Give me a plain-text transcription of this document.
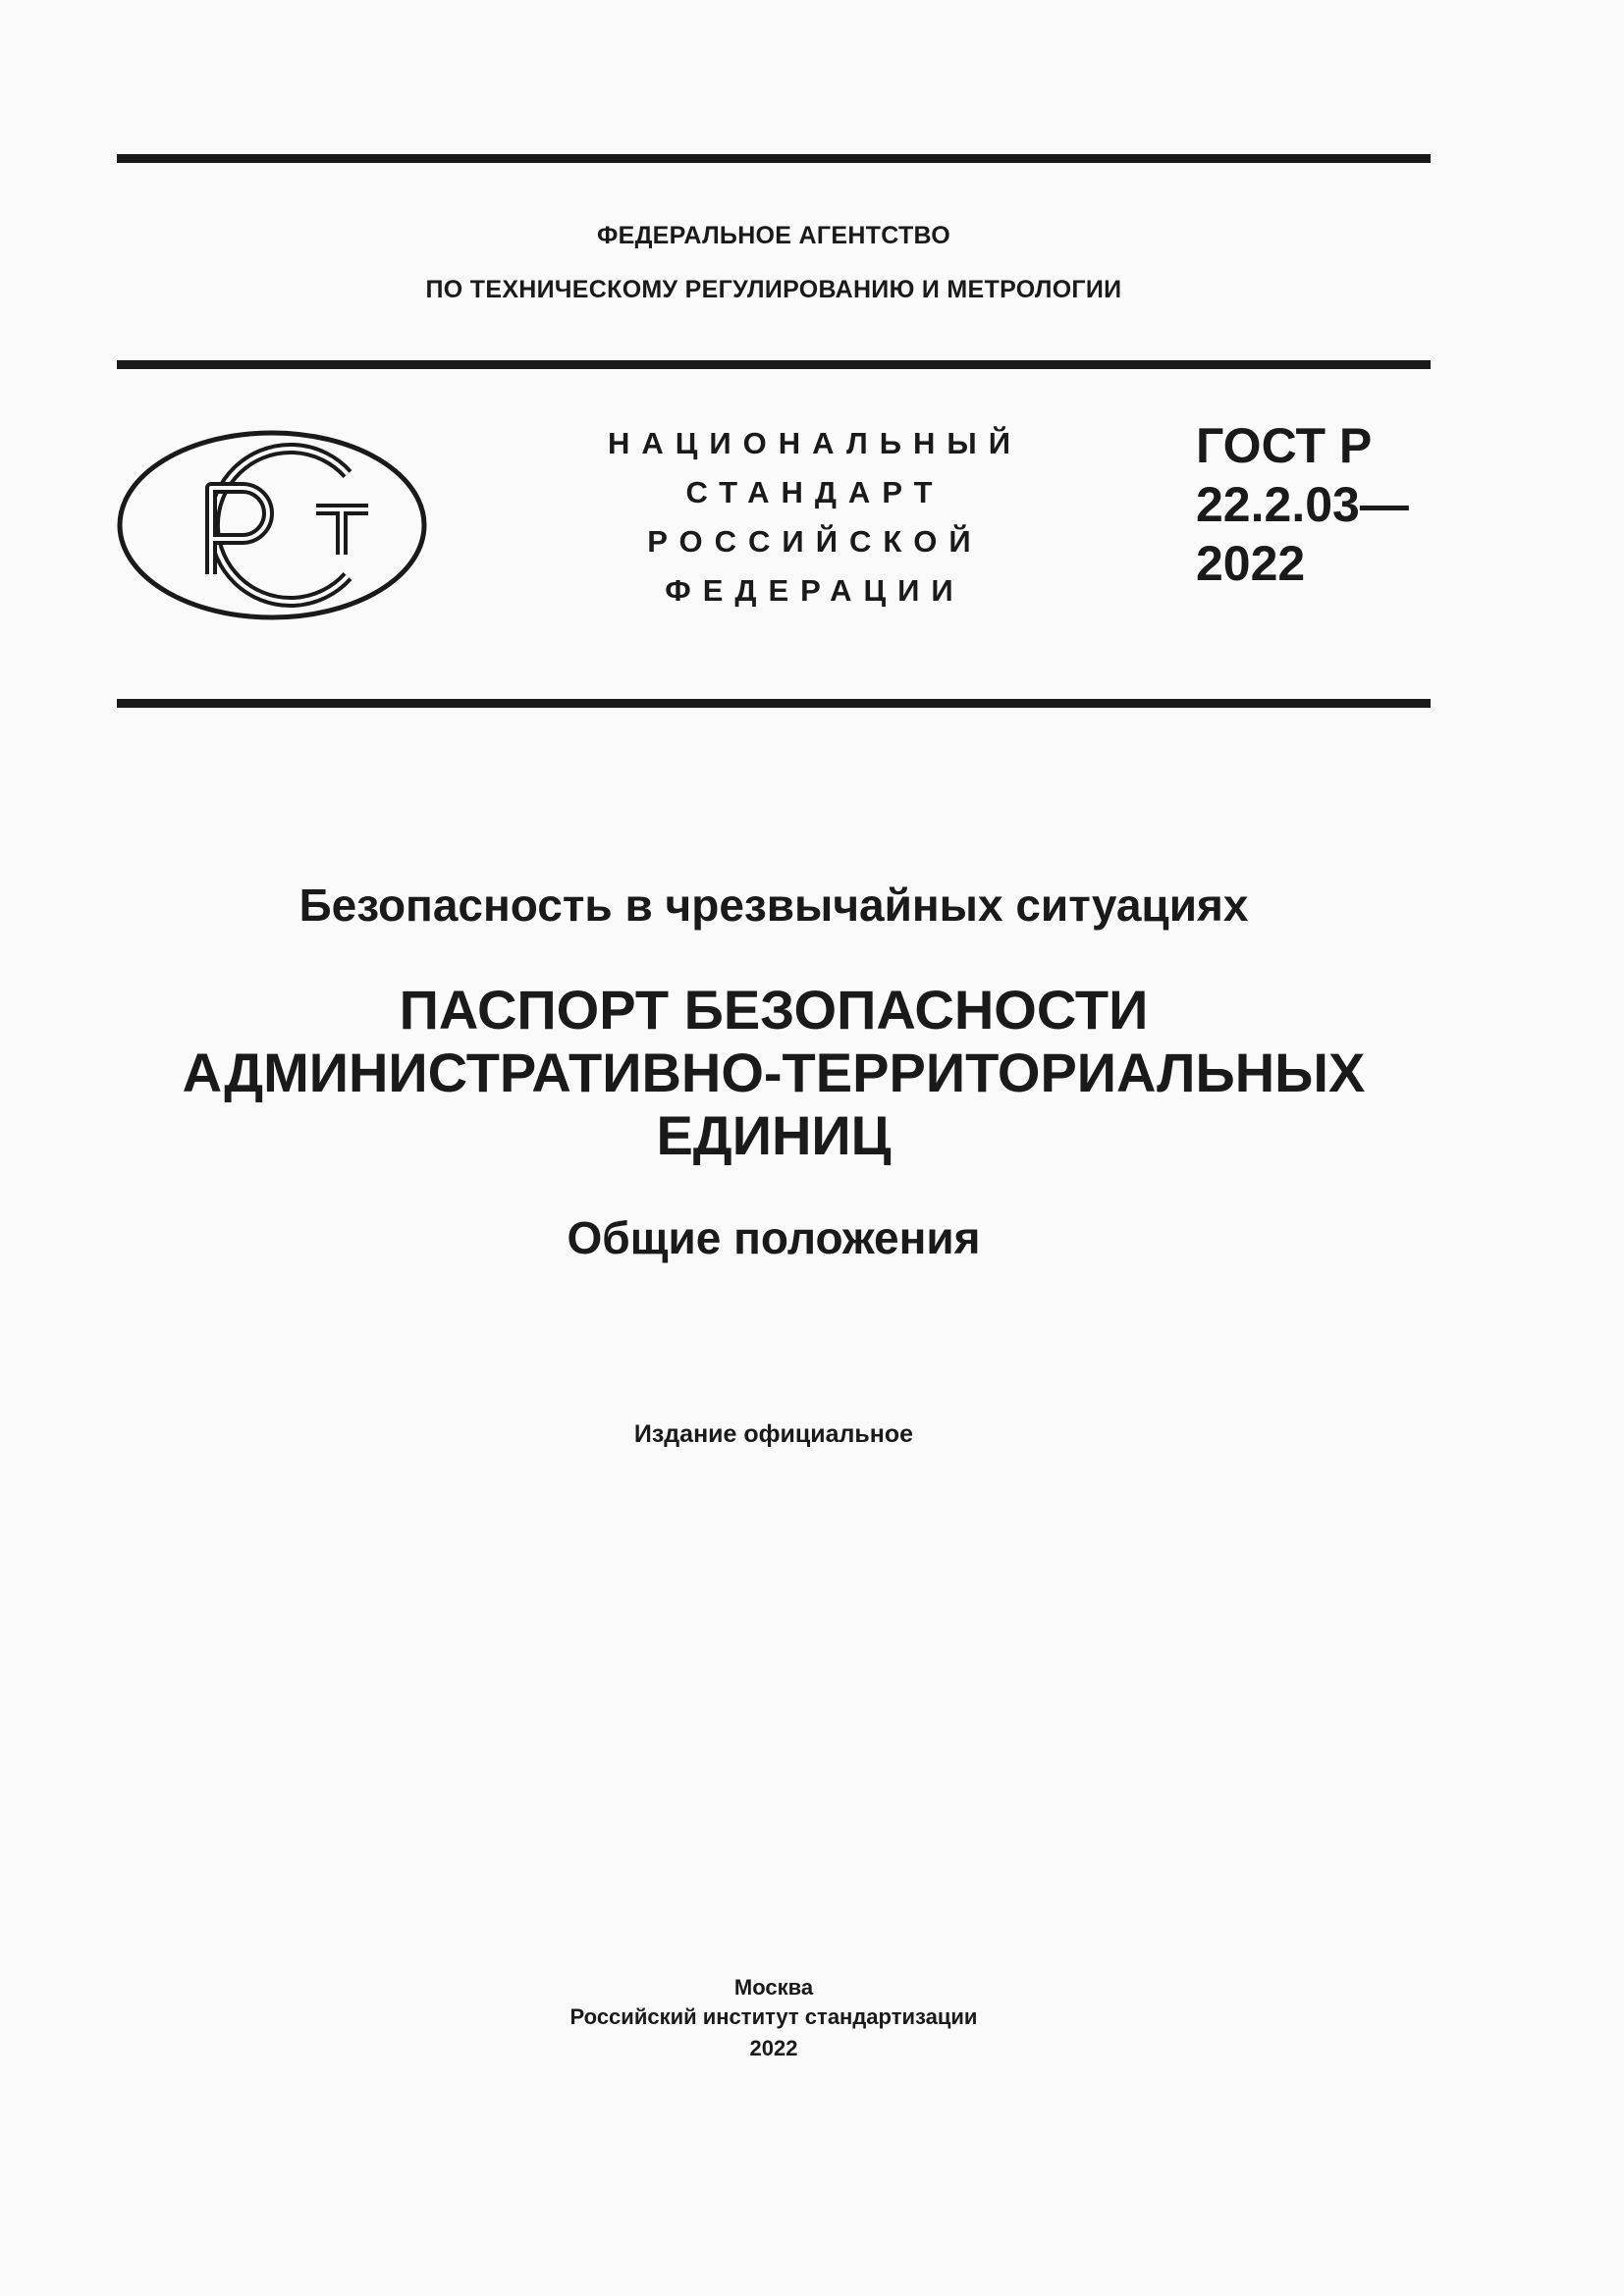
ФЕДЕРАЛЬНОЕ АГЕНТСТВО
ПО ТЕХНИЧЕСКОМУ РЕГУЛИРОВАНИЮ И МЕТРОЛОГИИ
НАЦИОНАЛЬНЫЙ
СТАНДАРТ
РОССИЙСКОЙ
ФЕДЕРАЦИИ
ГОСТ Р
22.2.03—
2022
Безопасность в чрезвычайных ситуациях
ПАСПОРТ БЕЗОПАСНОСТИ
АДМИНИСТРАТИВНО-ТЕРРИТОРИАЛЬНЫХ
ЕДИНИЦ
Общие положения
Издание официальное
Москва
Российский институт стандартизации
2022
